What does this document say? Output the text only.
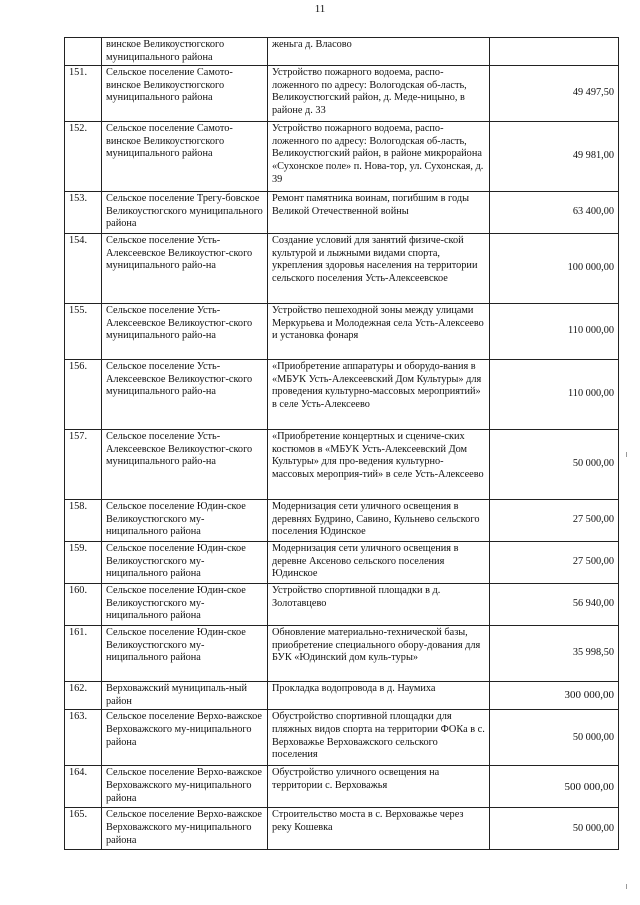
11
	винское Великоустюгского муниципального района	женьга д. Власово	
151.	Сельское поселение Самото-винское Великоустюгского муниципального района	Устройство пожарного водоема, распо-ложенного по адресу: Вологодская об-ласть, Великоустюгский район, д. Меде-ницыно, в районе д. 33	49 497,50
152.	Сельское поселение Самото-винское Великоустюгского муниципального района	Устройство пожарного водоема, распо-ложенного по адресу: Вологодская об-ласть, Великоустюгский район, в районе микрорайона «Сухонское поле» п. Нова-тор, ул. Сухонская, д. 39	49 981,00
153.	Сельское поселение Трегу-бовское Великоустюгского муниципального района	Ремонт памятника воинам, погибшим в годы Великой Отечественной войны	63 400,00
154.	Сельское поселение Усть-Алексеевское Великоустюг-ского муниципального райо-на	Создание условий для занятий физиче-ской культурой и лыжными видами спорта, укрепления здоровья населения на территории сельского поселения Усть-Алексеевское	100 000,00
155.	Сельское поселение Усть-Алексеевское Великоустюг-ского муниципального райо-на	Устройство пешеходной зоны между улицами Меркурьева и Молодежная села Усть-Алексеево и установка фонаря	110 000,00
156.	Сельское поселение Усть-Алексеевское Великоустюг-ского муниципального райо-на	«Приобретение аппаратуры и оборудо-вания в «МБУК Усть-Алексеевский Дом Культуры» для проведения культурно-массовых мероприятий» в селе Усть-Алексеево	110 000,00
157.	Сельское поселение Усть-Алексеевское Великоустюг-ского муниципального райо-на	«Приобретение концертных и сцениче-ских костюмов в «МБУК Усть-Алексеевский Дом Культуры» для про-ведения культурно-массовых мероприя-тий» в селе Усть-Алексеево	50 000,00
158.	Сельское поселение Юдин-ское Великоустюгского му-ниципального района	Модернизация сети уличного освещения в деревнях Будрино, Савино, Кульнево сельского поселения Юдинское	27 500,00
159.	Сельское поселение Юдин-ское Великоустюгского му-ниципального района	Модернизация сети уличного освещения в деревне Аксеново сельского поселения Юдинское	27 500,00
160.	Сельское поселение Юдин-ское Великоустюгского му-ниципального района	Устройство спортивной площадки в д. Золотавцево	56 940,00
161.	Сельское поселение Юдин-ское Великоустюгского му-ниципального района	Обновление материально-технической базы, приобретение специального обору-дования для БУК «Юдинский дом куль-туры»	35 998,50
162.	Верховажский муниципаль-ный район	Прокладка водопровода в д. Наумиха	300 000,00
163.	Сельское поселение Верхо-важское Верховажского му-ниципального района	Обустройство спортивной площадки для пляжных видов спорта на территории ФОКа в с. Верховажье Верховажского сельского поселения	50 000,00
164.	Сельское поселение Верхо-важское Верховажского му-ниципального района	Обустройство уличного освещения на территории с. Верховажья	500 000,00
165.	Сельское поселение Верхо-важское Верховажского му-ниципального района	Строительство моста в с. Верховажье через реку Кошевка	50 000,00
